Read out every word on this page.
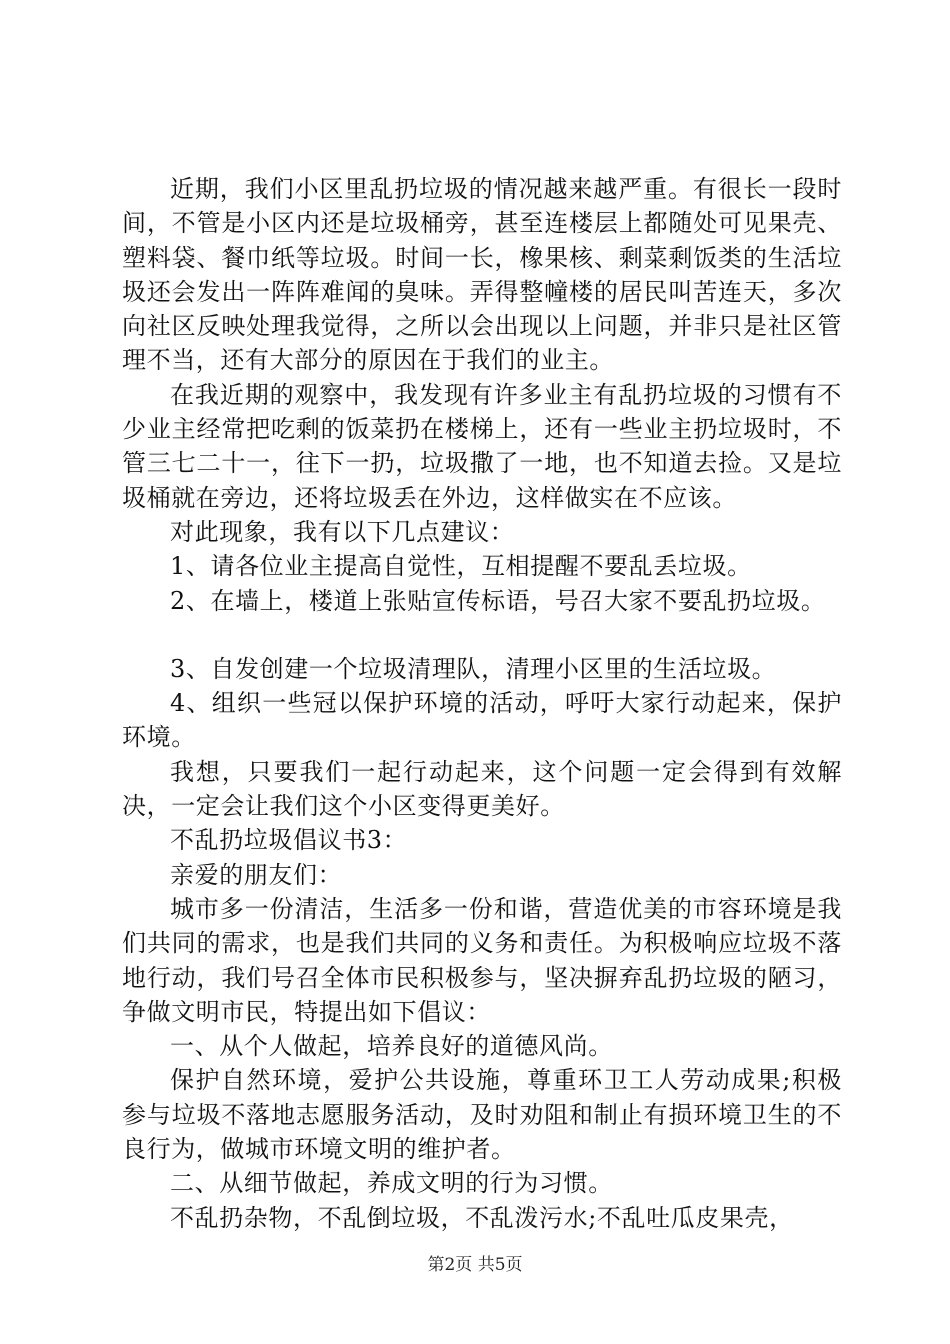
近期，我们小区里乱扔垃圾的情况越来越严重。有很长一段时间，不管是小区内还是垃圾桶旁，甚至连楼层上都随处可见果壳、塑料袋、餐巾纸等垃圾。时间一长，橡果核、剩菜剩饭类的生活垃圾还会发出一阵阵难闻的臭味。弄得整幢楼的居民叫苦连天，多次向社区反映处理我觉得，之所以会出现以上问题，并非只是社区管理不当，还有大部分的原因在于我们的业主。

在我近期的观察中，我发现有许多业主有乱扔垃圾的习惯有不少业主经常把吃剩的饭菜扔在楼梯上，还有一些业主扔垃圾时，不管三七二十一，往下一扔，垃圾撒了一地，也不知道去捡。又是垃圾桶就在旁边，还将垃圾丢在外边，这样做实在不应该。

对此现象，我有以下几点建议：

1、请各位业主提高自觉性，互相提醒不要乱丢垃圾。

2、在墙上，楼道上张贴宣传标语，号召大家不要乱扔垃圾。

3、自发创建一个垃圾清理队，清理小区里的生活垃圾。

4、组织一些冠以保护环境的活动，呼吁大家行动起来，保护环境。

我想，只要我们一起行动起来，这个问题一定会得到有效解决，一定会让我们这个小区变得更美好。

不乱扔垃圾倡议书3：

亲爱的朋友们：

城市多一份清洁，生活多一份和谐，营造优美的市容环境是我们共同的需求，也是我们共同的义务和责任。为积极响应垃圾不落地行动，我们号召全体市民积极参与，坚决摒弃乱扔垃圾的陋习，争做文明市民，特提出如下倡议：

一、从个人做起，培养良好的道德风尚。

保护自然环境，爱护公共设施，尊重环卫工人劳动成果;积极参与垃圾不落地志愿服务活动，及时劝阻和制止有损环境卫生的不良行为，做城市环境文明的维护者。

二、从细节做起，养成文明的行为习惯。

不乱扔杂物，不乱倒垃圾，不乱泼污水;不乱吐瓜皮果壳，

第2页 共5页
